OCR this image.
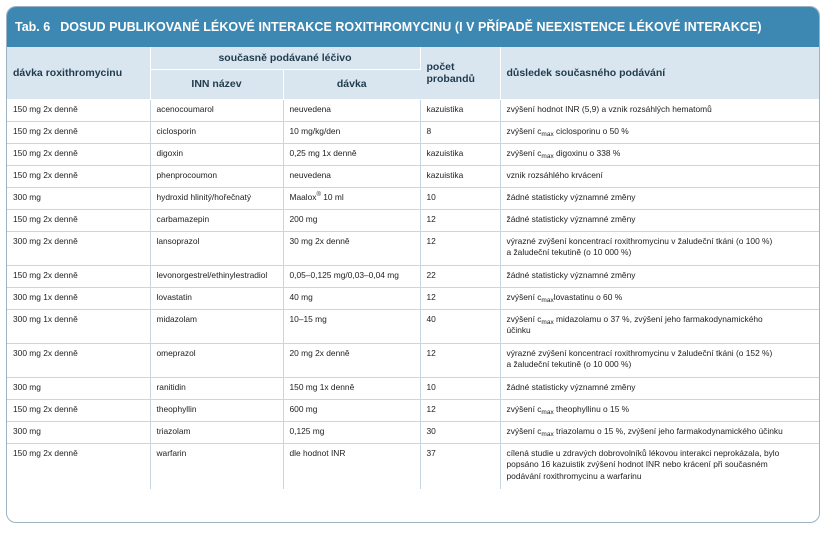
Tab. 6 DOSUD PUBLIKOVANÉ LÉKOVÉ INTERAKCE ROXITHROMYCINU (I V PŘÍPADĚ NEEXISTENCE LÉKOVÉ INTERAKCE)
dávka roxithromycinu	současně podávané léčivo		počet probandů	důsledek současného podávání
	INN název	dávka		
150 mg 2x denně	acenocoumarol	neuvedena	kazuistika	zvýšení hodnot INR (5,9) a vznik rozsáhlých hematomů
150 mg 2x denně	ciclosporin	10 mg/kg/den	8	zvýšení $c_{max}$ ciclosporinu o 50 %
150 mg 2x denně	digoxin	0,25 mg 1x denně	kazuistika	zvýšení $c_{max}$ digoxinu o 338 %
150 mg 2x denně	phenprocoumon	neuvedena	kazuistika	vznik rozsáhlého krvácení
300 mg	hydroxid hlinitý/hořečnatý	Maalox® 10 ml	10	žádné statisticky významné změny
150 mg 2x denně	carbamazepin	200 mg	12	žádné statisticky významné změny
300 mg 2x denně	lansoprazol	30 mg 2x denně	12	výrazné zvýšení koncentrací roxithromycinu v žaludeční tkáni (o 100 %)
a žaludeční tekutině (o 10 000 %)

150 mg 2x denně	levonorgestrel/ethinylestradiol	0,05–0,125 mg/0,03–0,04 mg	22	žádné statisticky významné změny
300 mg 1x denně	lovastatin	40 mg	12	zvýšení $c_{max}lovastatinu$ o 60 %
300 mg 1x denně	midazolam	10–15 mg	40	zvýšení $c_{max}$ midazolamu o 37 %, zvýšení jeho farmakodynamického
účinku

300 mg 2x denně	omeprazol	20 mg 2x denně	12	výrazné zvýšení koncentrací roxithromycinu v žaludeční tkáni (o 152 %)
a žaludeční tekutině (o 10 000 %)

300 mg	ranitidin	150 mg 1x denně	10	žádné statisticky významné změny
150 mg 2x denně	theophyllin	600 mg	12	zvýšení $c_{max}$ theophyllinu o 15 %
300 mg	triazolam	0,125 mg	30	zvýšení $c_{max}$ triazolamu o 15 %, zvýšení jeho farmakodynamického účinku
150 mg 2x denně	warfarin	dle hodnot INR	37	cílená studie u zdravých dobrovolníků lékovou interakci neprokázala, bylo
popsáno 16 kazuistik zvýšení hodnot INR nebo krácení při současném
podávání roxithromycinu a warfarinu
